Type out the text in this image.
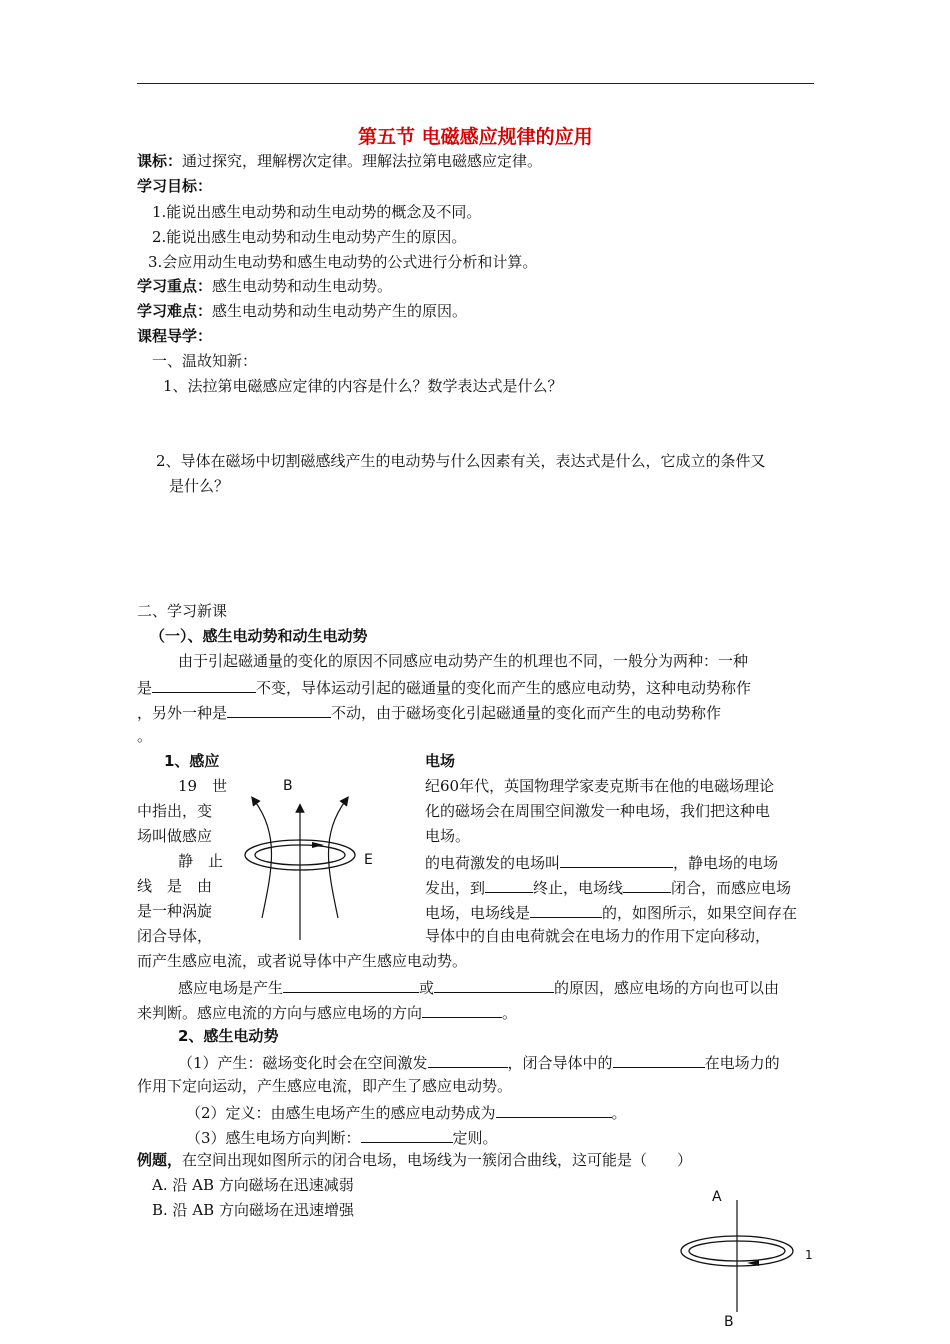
第五节 电磁感应规律的应用
课标：通过探究，理解楞次定律。理解法拉第电磁感应定律。
学习目标：
1.能说出感生电动势和动生电动势的概念及不同。
2.能说出感生电动势和动生电动势产生的原因。
3.会应用动生电动势和感生电动势的公式进行分析和计算。
学习重点：感生电动势和动生电动势。
学习难点：感生电动势和动生电动势产生的原因。
课程导学：
一、温故知新：
1、法拉第电磁感应定律的内容是什么？数学表达式是什么？
2、导体在磁场中切割磁感线产生的电动势与什么因素有关，表达式是什么，它成立的条件又
是什么？
二、学习新课
（一）、感生电动势和动生电动势
由于引起磁通量的变化的原因不同感应电动势产生的机理也不同，一般分为两种：一种
是	不变，导体运动引起的磁通量的变化而产生的感应电动势，这种电动势称作
，另外一种是	不动，由于磁场变化引起磁通量的变化而产生的电动势称作
。
1、感应	电场
19　世
中指出，变
场叫做感应
静　止
线　是　由
是一种涡旋
闭合导体，
纪60年代，英国物理学家麦克斯韦在他的电磁场理论
化的磁场会在周围空间激发一种电场，我们把这种电
电场。
的电荷激发的电场叫	，静电场的电场
发出，到	终止，电场线	闭合，而感应电场
电场，电场线是	的，如图所示，如果空间存在
导体中的自由电荷就会在电场力的作用下定向移动，
B
E
而产生感应电流，或者说导体中产生感应电动势。
感应电场是产生	或	的原因，感应电场的方向也可以由
来判断。感应电流的方向与感应电场的方向	。
2、感生电动势
（1）产生：磁场变化时会在空间激发	，闭合导体中的	在电场力的
作用下定向运动，产生感应电流，即产生了感应电动势。
（2）定义：由感生电场产生的感应电动势成为	。
（3）感生电场方向判断：	定则。
例题，在空间出现如图所示的闭合电场，电场线为一簇闭合曲线，这可能是（　　）
A. 沿 AB 方向磁场在迅速减弱
B. 沿 AB 方向磁场在迅速增强
A
1
B
